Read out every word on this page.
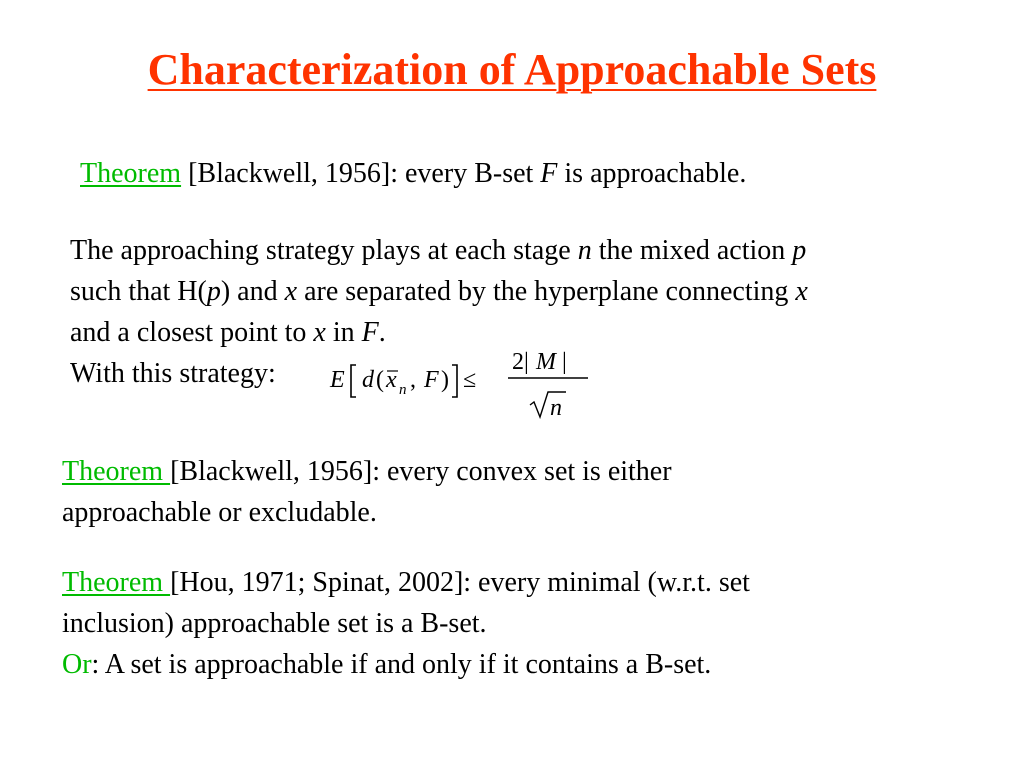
Characterization of Approachable Sets
Theorem [Blackwell, 1956]: every B-set F is approachable.
The approaching strategy plays at each stage n the mixed action p
such that H(p) and x are separated by the hyperplane connecting x
and a closest point to x in F.
With this strategy: E d ( x n , F ) ≤
2| M |
n
Theorem [Blackwell, 1956]: every convex set is either
approachable or excludable.
Theorem [Hou, 1971; Spinat, 2002]: every minimal (w.r.t. set
inclusion) approachable set is a B-set.
Or: A set is approachable if and only if it contains a B-set.
